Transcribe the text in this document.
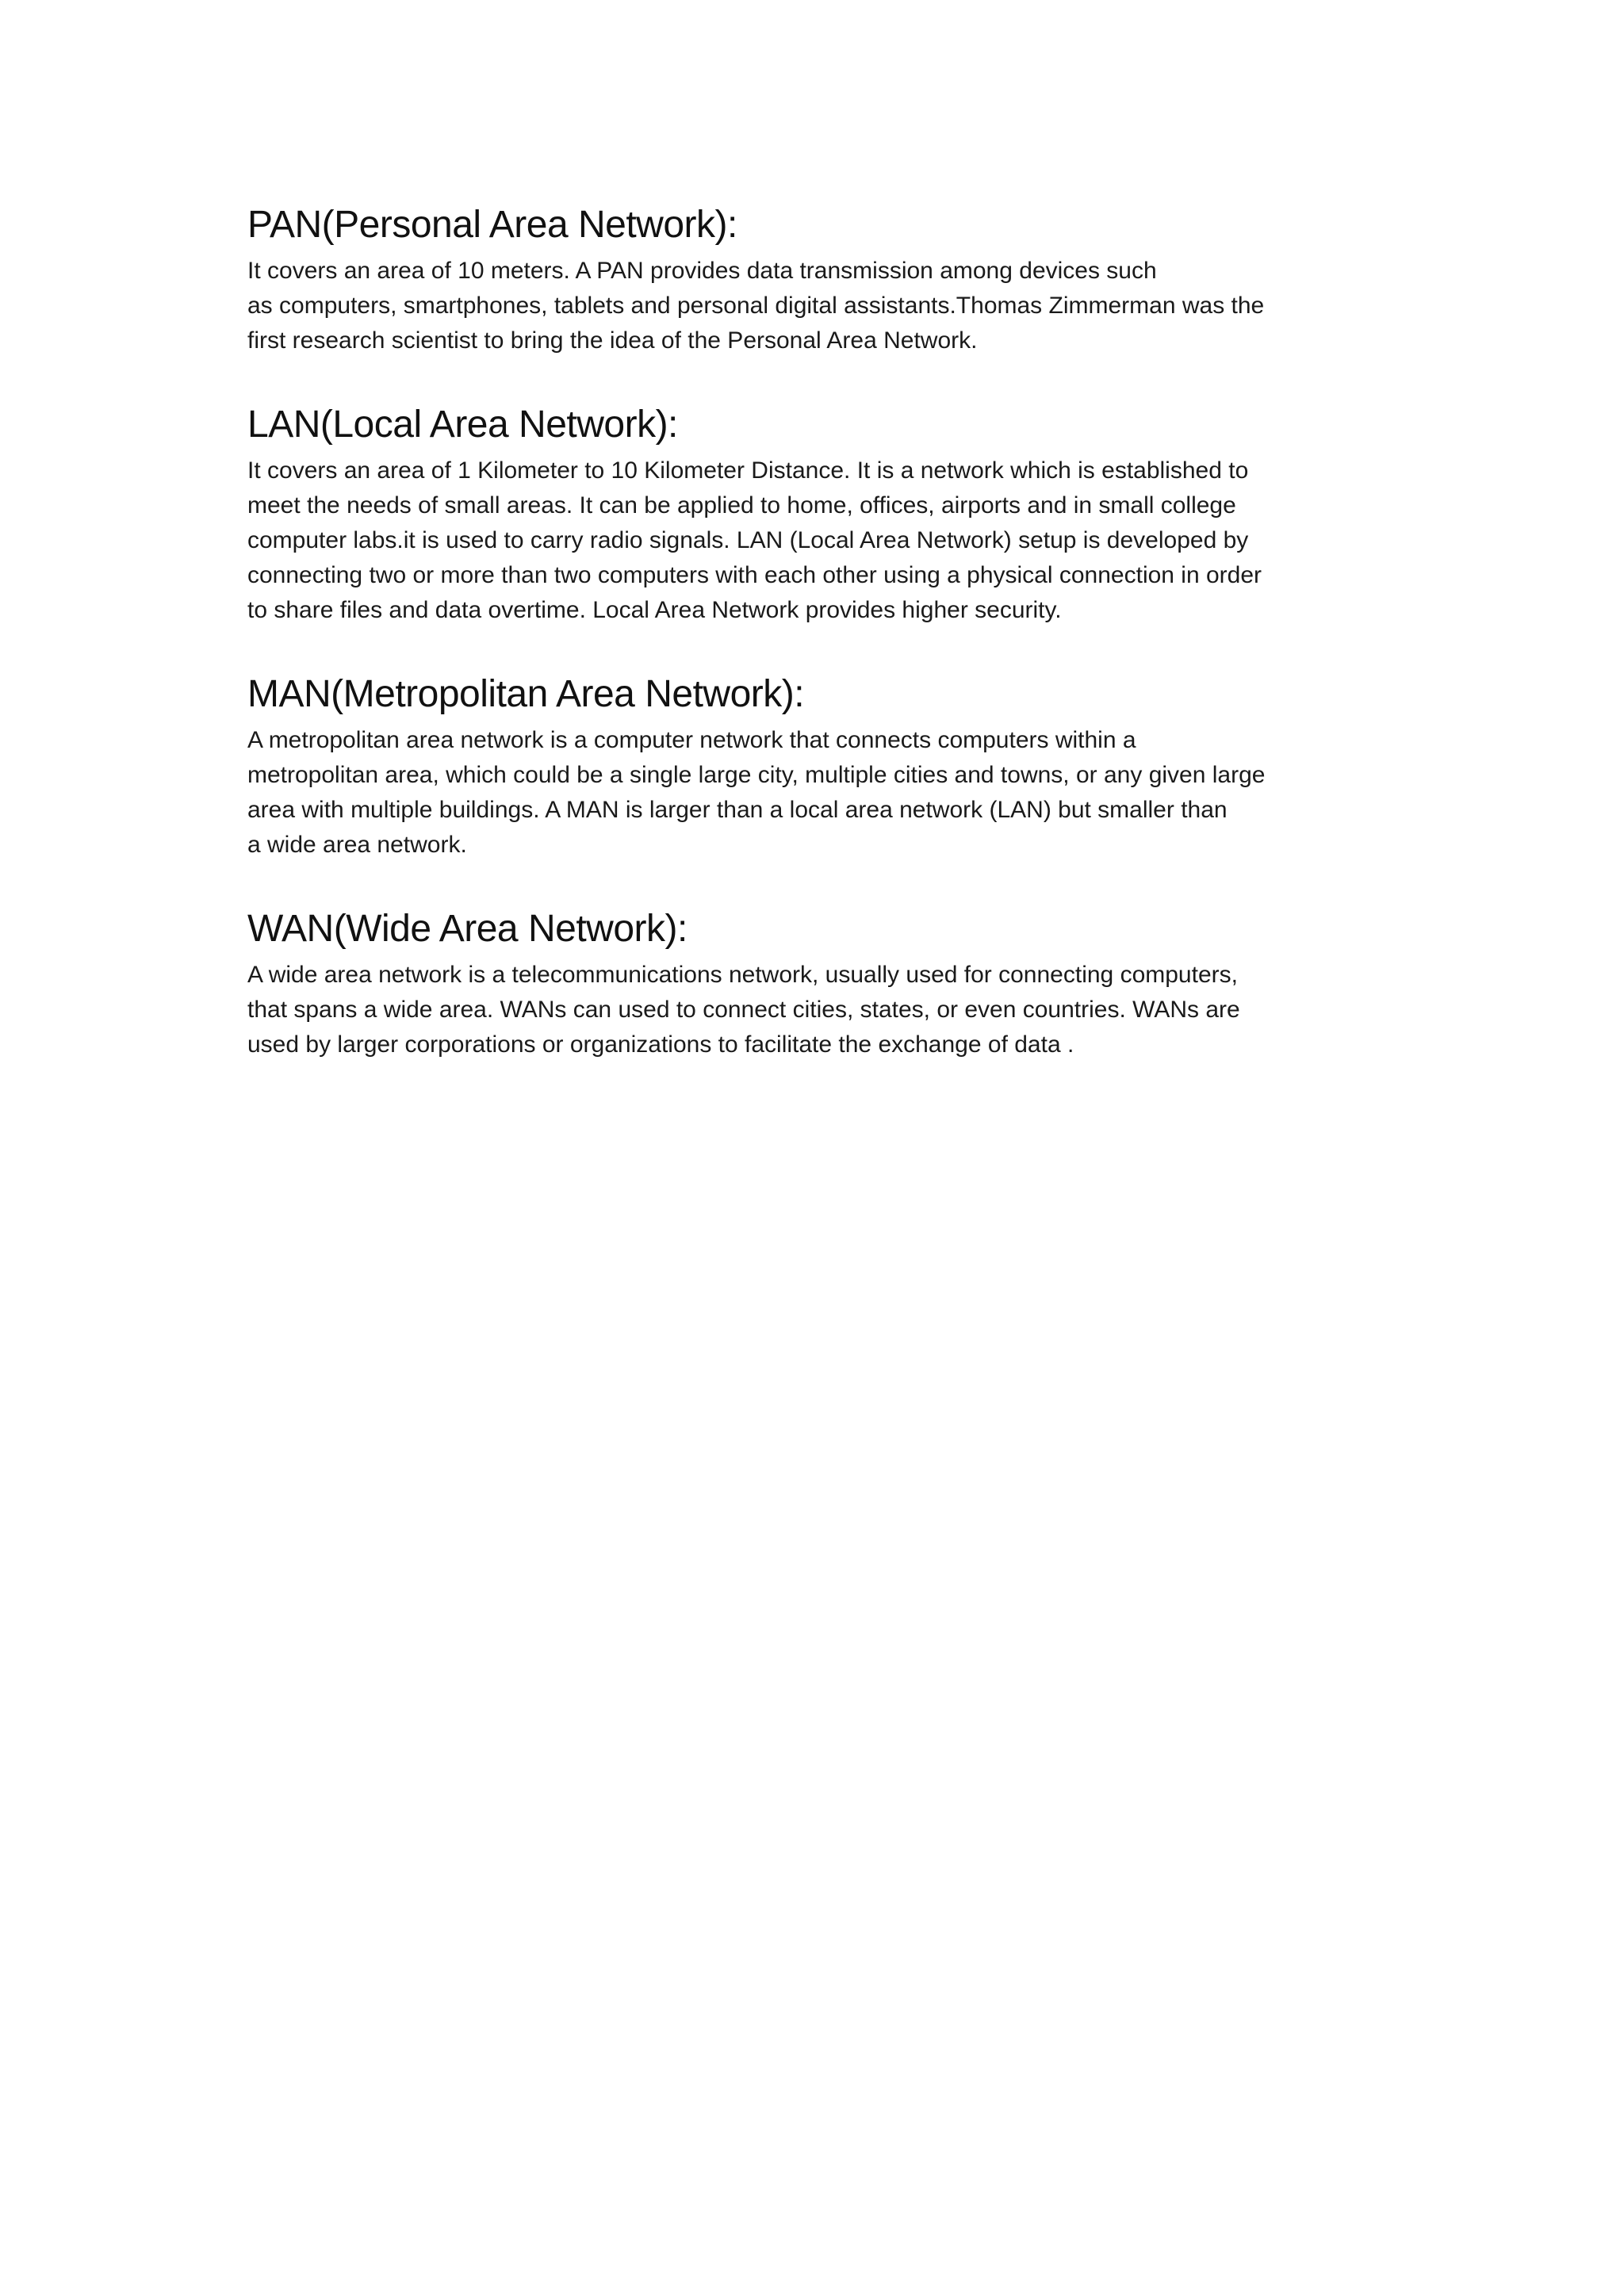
PAN(Personal Area Network):
It covers an area of 10 meters. A PAN provides data transmission among devices such
as computers, smartphones, tablets and personal digital assistants.Thomas Zimmerman was the
first research scientist to bring the idea of the Personal Area Network.
LAN(Local Area Network):
It covers an area of 1 Kilometer to 10 Kilometer Distance. It is a network which is established to
meet the needs of small areas. It can be applied to home, offices, airports and in small college
computer labs.it is used to carry radio signals. LAN (Local Area Network) setup is developed by
connecting two or more than two computers with each other using a physical connection in order
to share files and data overtime. Local Area Network provides higher security.
MAN(Metropolitan Area Network):
A metropolitan area network is a computer network that connects computers within a
metropolitan area, which could be a single large city, multiple cities and towns, or any given large
area with multiple buildings. A MAN is larger than a local area network (LAN) but smaller than
a wide area network.
WAN(Wide Area Network):
A wide area network is a telecommunications network, usually used for connecting computers,
that spans a wide area. WANs can used to connect cities, states, or even countries. WANs are
used by larger corporations or organizations to facilitate the exchange of data .
